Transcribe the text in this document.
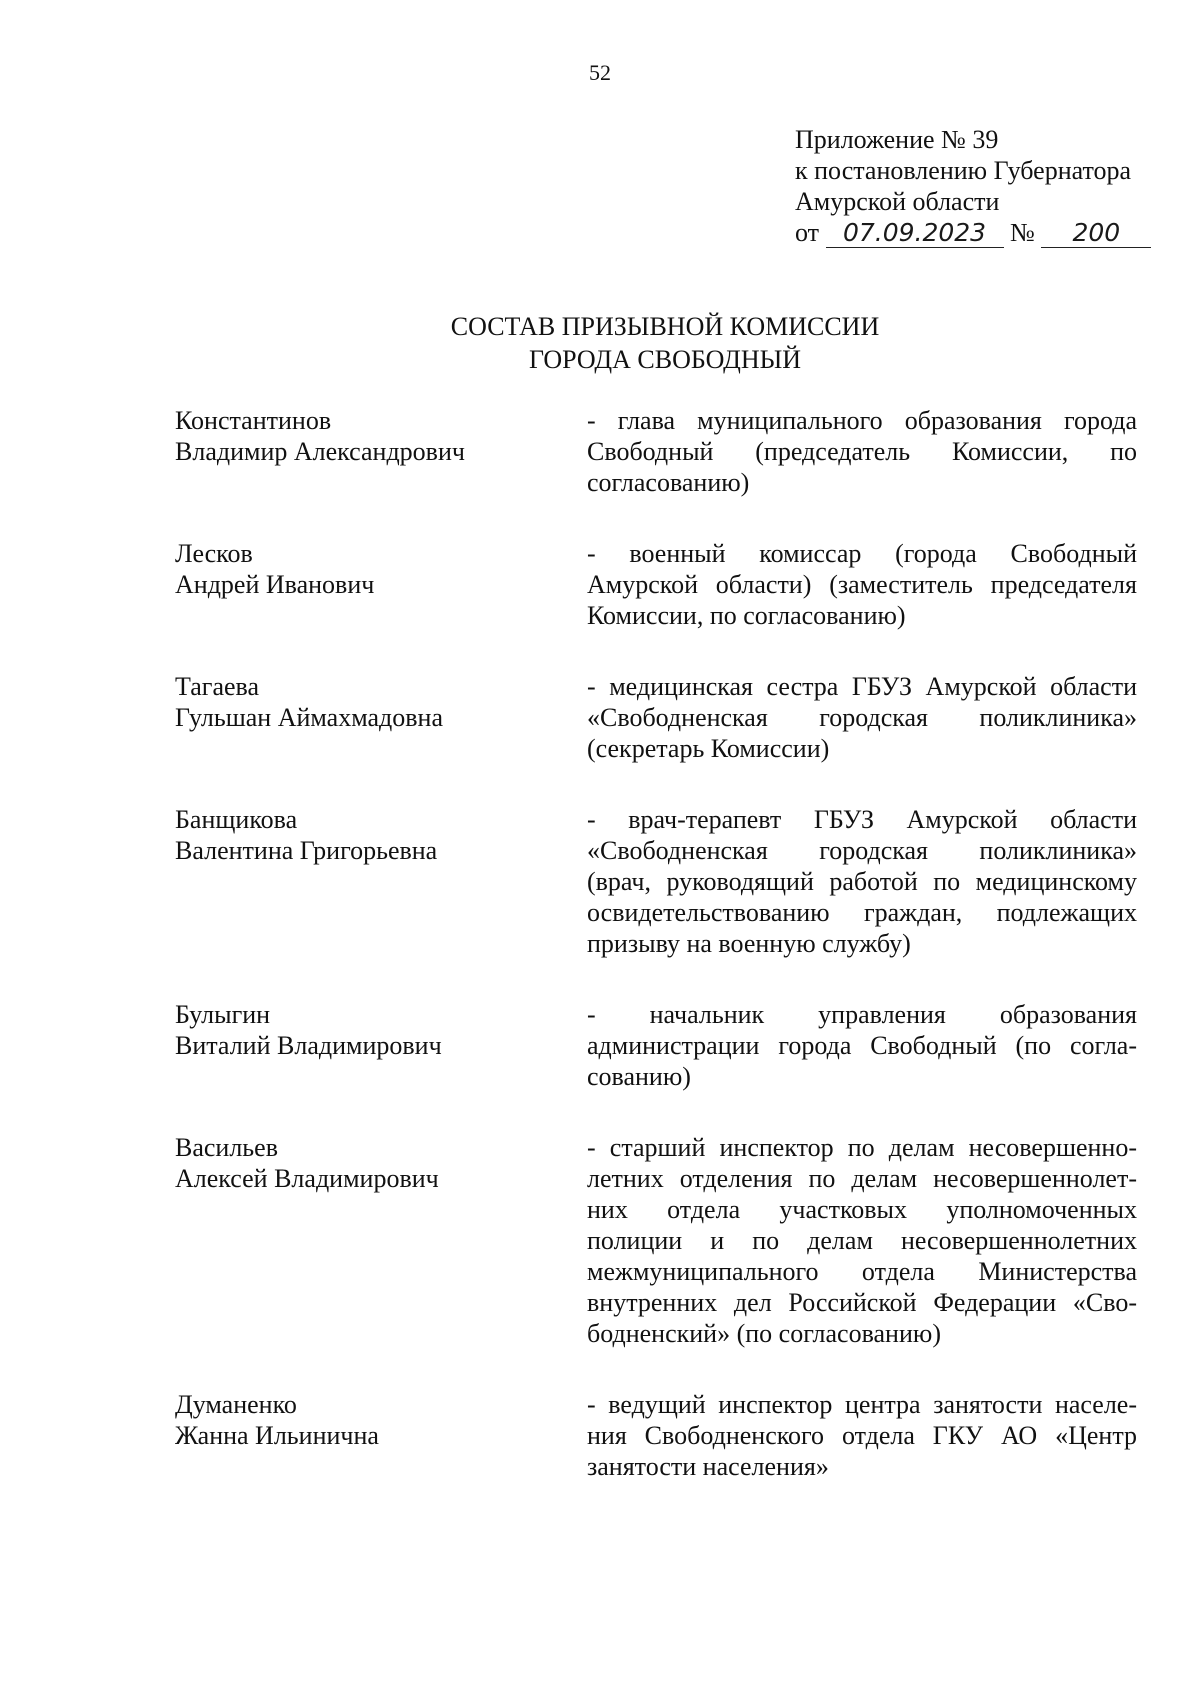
52
Приложение № 39
к постановлению Губернатора
Амурской области
от 07.09.2023 № 200
СОСТАВ ПРИЗЫВНОЙ КОМИССИИ
ГОРОДА СВОБОДНЫЙ
Константинов
Владимир Александрович
- глава муниципального образования города
Свободный (председатель Комиссии, по
согласованию)
Лесков
Андрей Иванович
- военный комиссар (города Свободный
Амурской области) (заместитель председателя
Комиссии, по согласованию)
Тагаева
Гульшан Аймахмадовна
- медицинская сестра ГБУЗ Амурской области
«Свободненская городская поликлиника»
(секретарь Комиссии)
Банщикова
Валентина Григорьевна
- врач-терапевт ГБУЗ Амурской области
«Свободненская городская поликлиника»
(врач, руководящий работой по медицинскому
освидетельствованию граждан, подлежащих
призыву на военную службу)
Булыгин
Виталий Владимирович
- начальник управления образования
администрации города Свободный (по согла-
сованию)
Васильев
Алексей Владимирович
- старший инспектор по делам несовершенно-
летних отделения по делам несовершеннолет-
них отдела участковых уполномоченных
полиции и по делам несовершеннолетних
межмуниципального отдела Министерства
внутренних дел Российской Федерации «Сво-
бодненский» (по согласованию)
Думаненко
Жанна Ильинична
- ведущий инспектор центра занятости населе-
ния Свободненского отдела ГКУ АО «Центр
занятости населения»
